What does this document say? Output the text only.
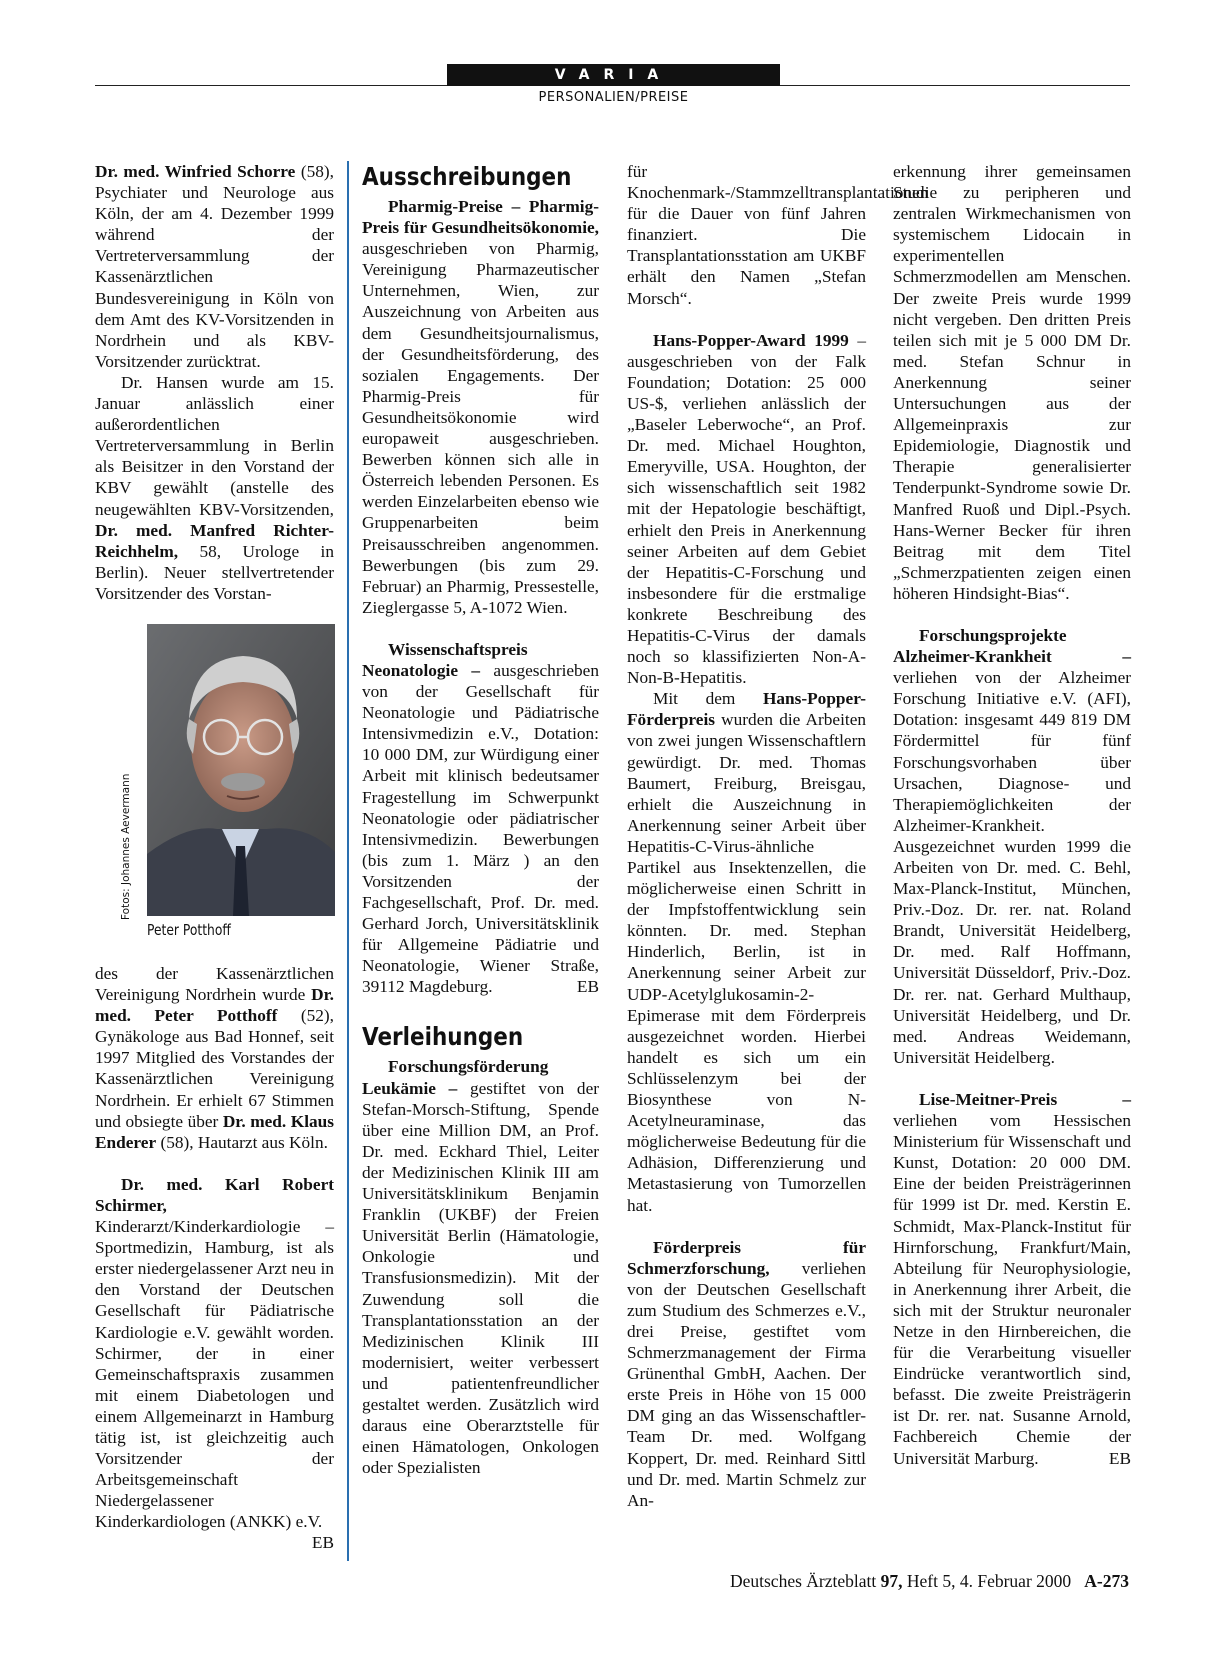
VARIA
PERSONALIEN/PREISE

Dr. med. Winfried Schorre (58), Psychiater und Neurologe aus Köln, der am 4. Dezember 1999 während der Vertreterversammlung der Kassenärztlichen Bundesvereinigung in Köln von dem Amt des KV-Vorsitzenden in Nordrhein und als KBV-Vorsitzender zurücktrat.

Dr. Hansen wurde am 15. Januar anlässlich einer außerordentlichen Vertreterversammlung in Berlin als Beisitzer in den Vorstand der KBV gewählt (anstelle des neugewählten KBV-Vorsitzenden, Dr. med. Manfred Richter-Reichhelm, 58, Urologe in Berlin). Neuer stellvertretender Vorsitzender des Vorstan-

Fotos: Johannes Aevermann
Peter Potthoff

des der Kassenärztlichen Vereinigung Nordrhein wurde Dr. med. Peter Potthoff (52), Gynäkologe aus Bad Honnef, seit 1997 Mitglied des Vorstandes der Kassenärztlichen Vereinigung Nordrhein. Er erhielt 67 Stimmen und obsiegte über Dr. med. Klaus Enderer (58), Hautarzt aus Köln.

Dr. med. Karl Robert Schirmer, Kinderarzt/Kinderkardiologie – Sportmedizin, Hamburg, ist als erster niedergelassener Arzt neu in den Vorstand der Deutschen Gesellschaft für Pädiatrische Kardiologie e.V. gewählt worden. Schirmer, der in einer Gemeinschaftspraxis zusammen mit einem Diabetologen und einem Allgemeinarzt in Hamburg tätig ist, ist gleichzeitig auch Vorsitzender der Arbeitsgemeinschaft Niedergelassener Kinderkardiologen (ANKK) e.V.
EB

Ausschreibungen

Pharmig-Preise – Pharmig-Preis für Gesundheitsökonomie, ausgeschrieben von Pharmig, Vereinigung Pharmazeutischer Unternehmen, Wien, zur Auszeichnung von Arbeiten aus dem Gesundheitsjournalismus, der Gesundheitsförderung, des sozialen Engagements. Der Pharmig-Preis für Gesundheitsökonomie wird europaweit ausgeschrieben. Bewerben können sich alle in Österreich lebenden Personen. Es werden Einzelarbeiten ebenso wie Gruppenarbeiten beim Preisausschreiben angenommen. Bewerbungen (bis zum 29. Februar) an Pharmig, Pressestelle, Zieglergasse 5, A-1072 Wien.

Wissenschaftspreis Neonatologie – ausgeschrieben von der Gesellschaft für Neonatologie und Pädiatrische Intensivmedizin e.V., Dotation: 10 000 DM, zur Würdigung einer Arbeit mit klinisch bedeutsamer Fragestellung im Schwerpunkt Neonatologie oder pädiatrischer Intensivmedizin. Bewerbungen (bis zum 1. März ) an den Vorsitzenden der Fachgesellschaft, Prof. Dr. med. Gerhard Jorch, Universitätsklinik für Allgemeine Pädiatrie und Neonatologie, Wiener Straße, 39112 Magdeburg.	EB

Verleihungen

Forschungsförderung Leukämie – gestiftet von der Stefan-Morsch-Stiftung, Spende über eine Million DM, an Prof. Dr. med. Eckhard Thiel, Leiter der Medizinischen Klinik III am Universitätsklinikum Benjamin Franklin (UKBF) der Freien Universität Berlin (Hämatologie, Onkologie und Transfusionsmedizin). Mit der Zuwendung soll die Transplantationsstation an der Medizinischen Klinik III modernisiert, weiter verbessert und patientenfreundlicher gestaltet werden. Zusätzlich wird daraus eine Oberarztstelle für einen Hämatologen, Onkologen oder Spezialisten

für Knochenmark-/Stammzelltransplantationen für die Dauer von fünf Jahren finanziert. Die Transplantationsstation am UKBF erhält den Namen „Stefan Morsch“.

Hans-Popper-Award 1999 – ausgeschrieben von der Falk Foundation; Dotation: 25 000 US-$, verliehen anlässlich der „Baseler Leberwoche“, an Prof. Dr. med. Michael Houghton, Emeryville, USA. Houghton, der sich wissenschaftlich seit 1982 mit der Hepatologie beschäftigt, erhielt den Preis in Anerkennung seiner Arbeiten auf dem Gebiet der Hepatitis-C-Forschung und insbesondere für die erstmalige konkrete Beschreibung des Hepatitis-C-Virus der damals noch so klassifizierten Non-A-Non-B-Hepatitis.

Mit dem Hans-Popper-Förderpreis wurden die Arbeiten von zwei jungen Wissenschaftlern gewürdigt. Dr. med. Thomas Baumert, Freiburg, Breisgau, erhielt die Auszeichnung in Anerkennung seiner Arbeit über Hepatitis-C-Virus-ähnliche Partikel aus Insektenzellen, die möglicherweise einen Schritt in der Impfstoffentwicklung sein könnten. Dr. med. Stephan Hinderlich, Berlin, ist in Anerkennung seiner Arbeit zur UDP-Acetylglukosamin-2-Epimerase mit dem Förderpreis ausgezeichnet worden. Hierbei handelt es sich um ein Schlüsselenzym bei der Biosynthese von N-Acetylneuraminase, das möglicherweise Bedeutung für die Adhäsion, Differenzierung und Metastasierung von Tumorzellen hat.

Förderpreis für Schmerzforschung, verliehen von der Deutschen Gesellschaft zum Studium des Schmerzes e.V., drei Preise, gestiftet vom Schmerzmanagement der Firma Grünenthal GmbH, Aachen. Der erste Preis in Höhe von 15 000 DM ging an das Wissenschaftler-Team Dr. med. Wolfgang Koppert, Dr. med. Reinhard Sittl und Dr. med. Martin Schmelz zur An-

erkennung ihrer gemeinsamen Studie zu peripheren und zentralen Wirkmechanismen von systemischem Lidocain in experimentellen Schmerzmodellen am Menschen. Der zweite Preis wurde 1999 nicht vergeben. Den dritten Preis teilen sich mit je 5 000 DM Dr. med. Stefan Schnur in Anerkennung seiner Untersuchungen aus der Allgemeinpraxis zur Epidemiologie, Diagnostik und Therapie generalisierter Tenderpunkt-Syndrome sowie Dr. Manfred Ruoß und Dipl.-Psych. Hans-Werner Becker für ihren Beitrag mit dem Titel „Schmerzpatienten zeigen einen höheren Hindsight-Bias“.

Forschungsprojekte Alzheimer-Krankheit – verliehen von der Alzheimer Forschung Initiative e.V. (AFI), Dotation: insgesamt 449 819 DM Fördermittel für fünf Forschungsvorhaben über Ursachen, Diagnose- und Therapiemöglichkeiten der Alzheimer-Krankheit. Ausgezeichnet wurden 1999 die Arbeiten von Dr. med. C. Behl, Max-Planck-Institut, München, Priv.-Doz. Dr. rer. nat. Roland Brandt, Universität Heidelberg, Dr. med. Ralf Hoffmann, Universität Düsseldorf, Priv.-Doz. Dr. rer. nat. Gerhard Multhaup, Universität Heidelberg, und Dr. med. Andreas Weidemann, Universität Heidelberg.

Lise-Meitner-Preis – verliehen vom Hessischen Ministerium für Wissenschaft und Kunst, Dotation: 20 000 DM. Eine der beiden Preisträgerinnen für 1999 ist Dr. med. Kerstin E. Schmidt, Max-Planck-Institut für Hirnforschung, Frankfurt/Main, Abteilung für Neurophysiologie, in Anerkennung ihrer Arbeit, die sich mit der Struktur neuronaler Netze in den Hirnbereichen, die für die Verarbeitung visueller Eindrücke verantwortlich sind, befasst. Die zweite Preisträgerin ist Dr. rer. nat. Susanne Arnold, Fachbereich Chemie der Universität Marburg.	EB

Deutsches Ärzteblatt 97, Heft 5, 4. Februar 2000 A-273
